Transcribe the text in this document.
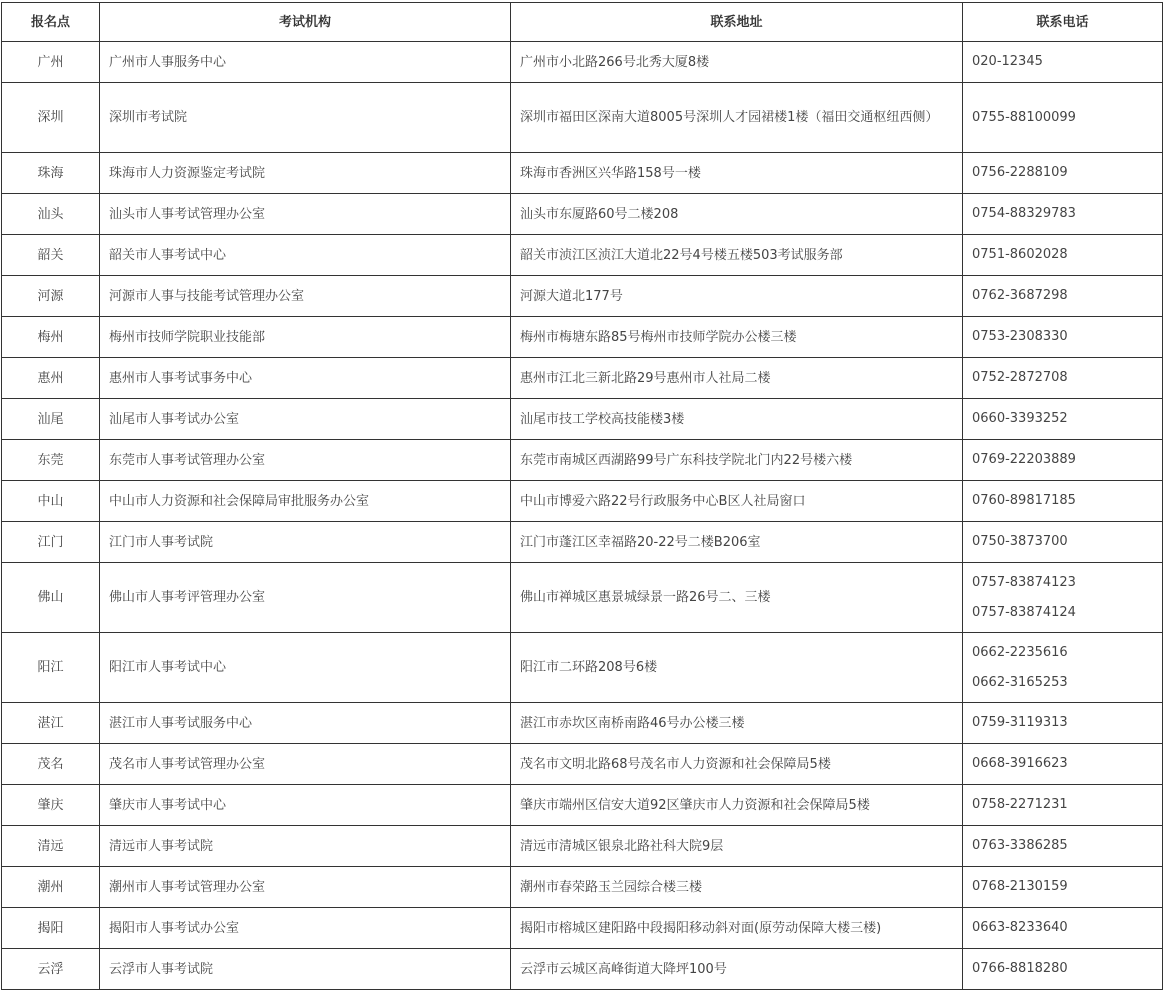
报名点	考试机构	联系地址	联系电话
广州	广州市人事服务中心	广州市小北路266号北秀大厦8楼	020-12345

深圳	深圳市考试院	深圳市福田区深南大道8005号深圳人才园裙楼1楼（福田交通枢纽西侧）	0755-88100099

珠海	珠海市人力资源鉴定考试院	珠海市香洲区兴华路158号一楼	0756-2288109

汕头	汕头市人事考试管理办公室	汕头市东厦路60号二楼208	0754-88329783

韶关	韶关市人事考试中心	韶关市浈江区浈江大道北22号4号楼五楼503考试服务部	0751-8602028

河源	河源市人事与技能考试管理办公室	河源大道北177号	0762-3687298

梅州	梅州市技师学院职业技能部	梅州市梅塘东路85号梅州市技师学院办公楼三楼	0753-2308330

惠州	惠州市人事考试事务中心	惠州市江北三新北路29号惠州市人社局二楼	0752-2872708

汕尾	汕尾市人事考试办公室	汕尾市技工学校高技能楼3楼	0660-3393252

东莞	东莞市人事考试管理办公室	东莞市南城区西湖路99号广东科技学院北门内22号楼六楼	0769-22203889

中山	中山市人力资源和社会保障局审批服务办公室	中山市博爱六路22号行政服务中心B区人社局窗口	0760-89817185

江门	江门市人事考试院	江门市蓬江区幸福路20-22号二楼B206室	0750-3873700

佛山	佛山市人事考评管理办公室	佛山市禅城区惠景城绿景一路26号二、三楼	0757-83874123
0757-83874124

阳江	阳江市人事考试中心	阳江市二环路208号6楼	0662-2235616
0662-3165253

湛江	湛江市人事考试服务中心	湛江市赤坎区南桥南路46号办公楼三楼	0759-3119313

茂名	茂名市人事考试管理办公室	茂名市文明北路68号茂名市人力资源和社会保障局5楼	0668-3916623

肇庆	肇庆市人事考试中心	肇庆市端州区信安大道92区肇庆市人力资源和社会保障局5楼	0758-2271231

清远	清远市人事考试院	清远市清城区银泉北路社科大院9层	0763-3386285

潮州	潮州市人事考试管理办公室	潮州市春荣路玉兰园综合楼三楼	0768-2130159

揭阳	揭阳市人事考试办公室	揭阳市榕城区建阳路中段揭阳移动斜对面(原劳动保障大楼三楼)	0663-8233640

云浮	云浮市人事考试院	云浮市云城区高峰街道大降坪100号	0766-8818280
